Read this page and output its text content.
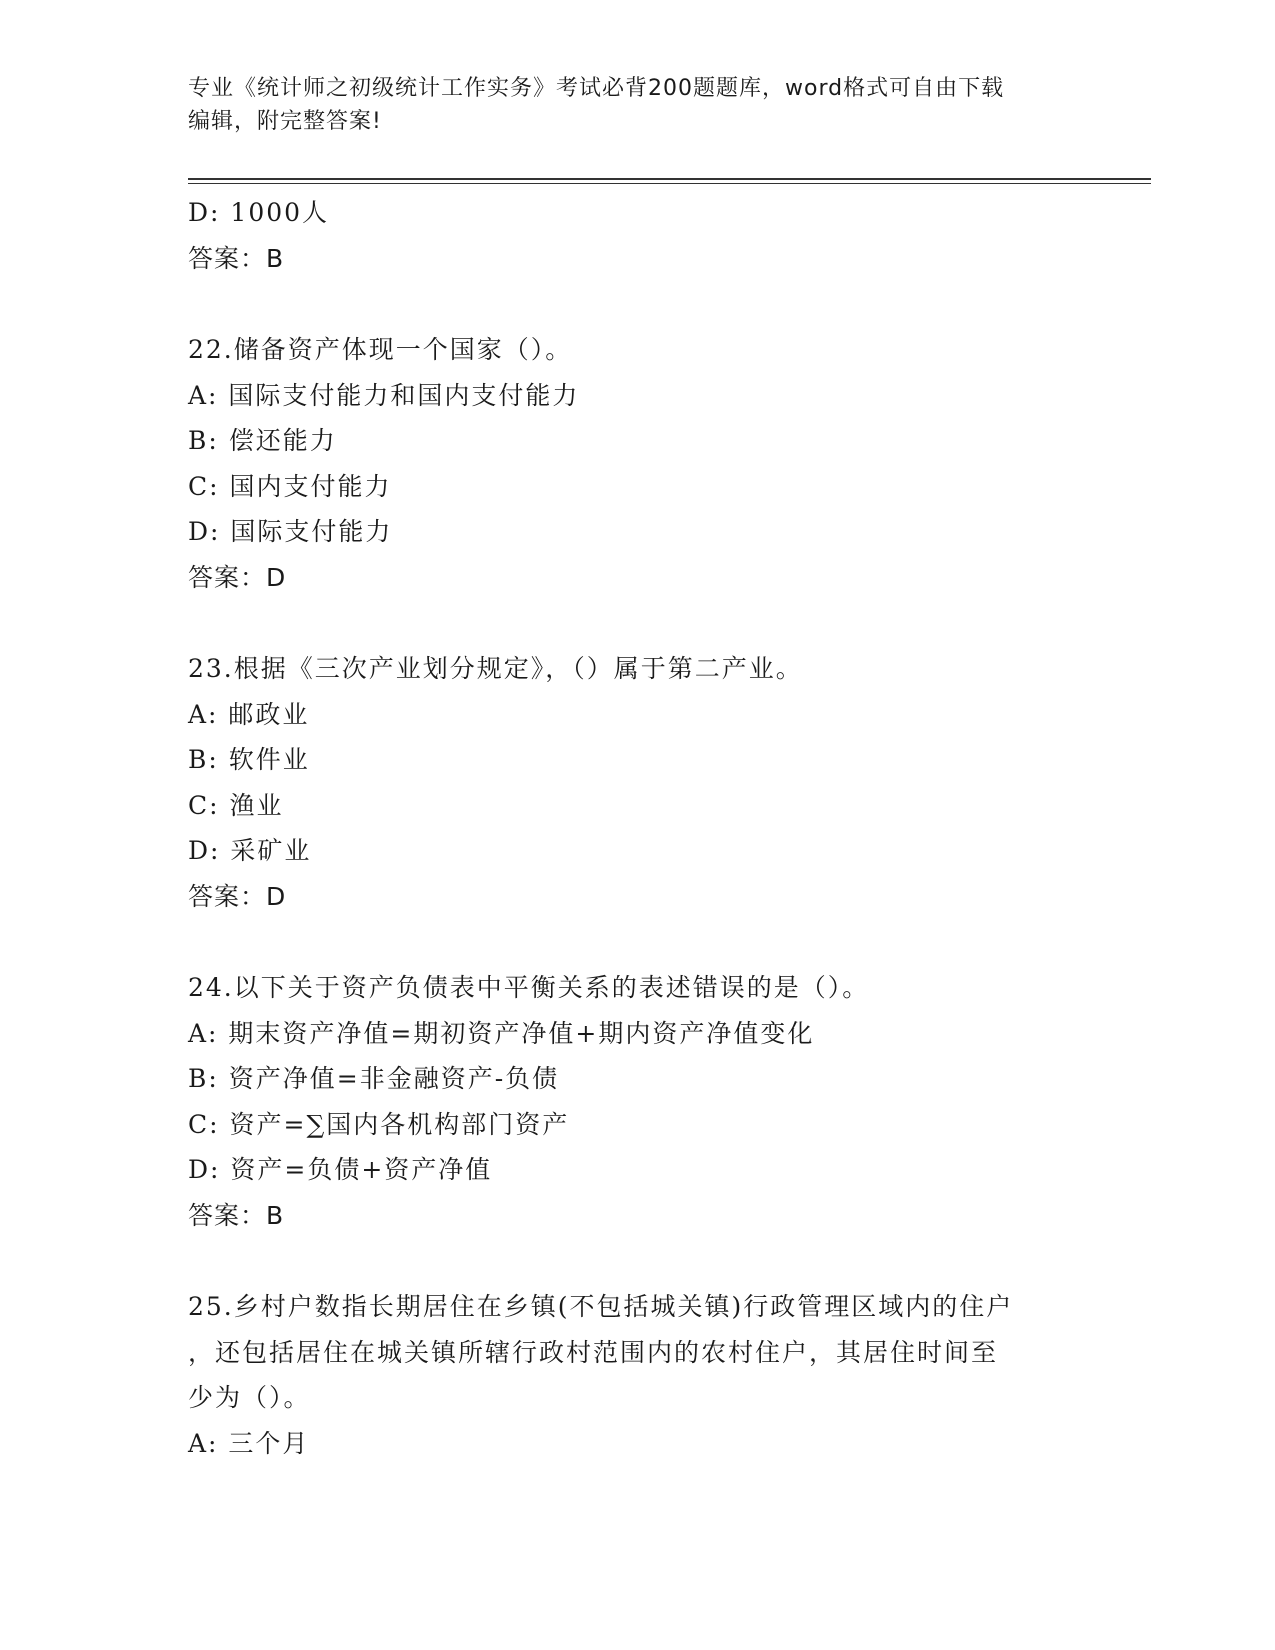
专业《统计师之初级统计工作实务》考试必背200题题库，word格式可自由下载
编辑，附完整答案!
D: 1000人
答案：B
22.储备资产体现一个国家（）。
A: 国际支付能力和国内支付能力
B: 偿还能力
C: 国内支付能力
D: 国际支付能力
答案：D
23.根据《三次产业划分规定》，（）属于第二产业。
A: 邮政业
B: 软件业
C: 渔业
D: 采矿业
答案：D
24.以下关于资产负债表中平衡关系的表述错误的是（）。
A: 期末资产净值=期初资产净值+期内资产净值变化
B: 资产净值=非金融资产-负债
C: 资产=∑国内各机构部门资产
D: 资产=负债+资产净值
答案：B
25.乡村户数指长期居住在乡镇(不包括城关镇)行政管理区域内的住户
，还包括居住在城关镇所辖行政村范围内的农村住户，其居住时间至
少为（）。
A: 三个月
